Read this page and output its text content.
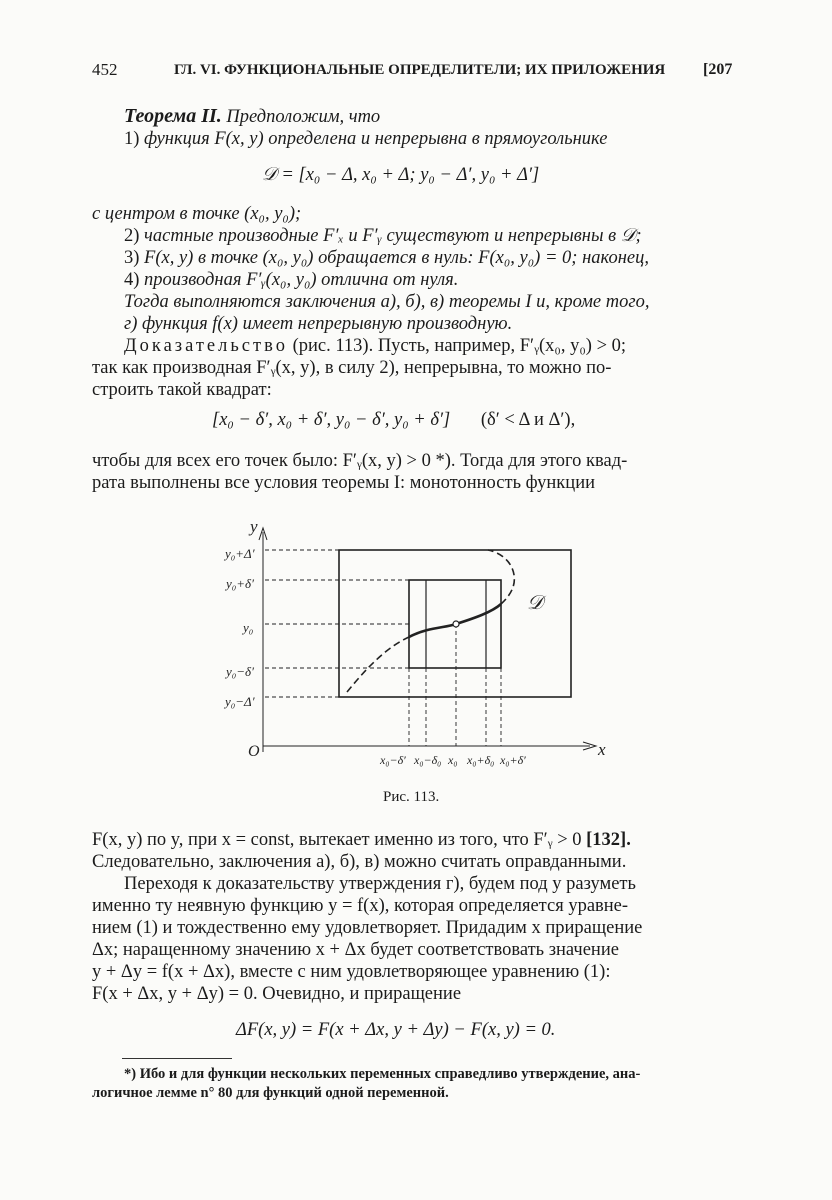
452	ГЛ. VI. ФУНКЦИОНАЛЬНЫЕ ОПРЕДЕЛИТЕЛИ; ИХ ПРИЛОЖЕНИЯ [207
Теорема II. Предположим, что
1) функция F(x, y) определена и непрерывна в прямоугольнике
𝒟 = [x₀ − Δ, x₀ + Δ; y₀ − Δ′, y₀ + Δ′]
с центром в точке (x₀, y₀);
2) частные производные F′ₓ и F′ᵧ существуют и непрерывны в 𝒟;
3) F(x, y) в точке (x₀, y₀) обращается в нуль: F(x₀, y₀) = 0; наконец,
4) производная F′ᵧ(x₀, y₀) отлична от нуля.
Тогда выполняются заключения а), б), в) теоремы I и, кроме того,
г) функция f(x) имеет непрерывную производную.
Доказательство (рис. 113). Пусть, например, F′ᵧ(x₀, y₀) > 0;
так как производная F′ᵧ(x, y), в силу 2), непрерывна, то можно по-
строить такой квадрат:
[x₀ − δ′, x₀ + δ′, y₀ − δ′, y₀ + δ′] (δ′ < Δ и Δ′),
чтобы для всех его точек было: F′ᵧ(x, y) > 0 *). Тогда для этого квад-
рата выполнены все условия теоремы I: монотонность функции
y
x
O
𝒟
y₀+Δ′
y₀+δ′
y₀
y₀−δ′
y₀−Δ′
x₀−δ′ x₀−δ₀ x₀ x₀+δ₀ x₀+δ′
Рис. 113.
F(x, y) по y, при x = const, вытекает именно из того, что F′ᵧ > 0 [132].
Следовательно, заключения а), б), в) можно считать оправданными.
Переходя к доказательству утверждения г), будем под y разуметь
именно ту неявную функцию y = f(x), которая определяется уравне-
нием (1) и тождественно ему удовлетворяет. Придадим x приращение
Δx; наращенному значению x + Δx будет соответствовать значение
y + Δy = f(x + Δx), вместе с ним удовлетворяющее уравнению (1):
F(x + Δx, y + Δy) = 0. Очевидно, и приращение
ΔF(x, y) = F(x + Δx, y + Δy) − F(x, y) = 0.
*) Ибо и для функции нескольких переменных справедливо утверждение, ана-
логичное лемме n° 80 для функций одной переменной.
